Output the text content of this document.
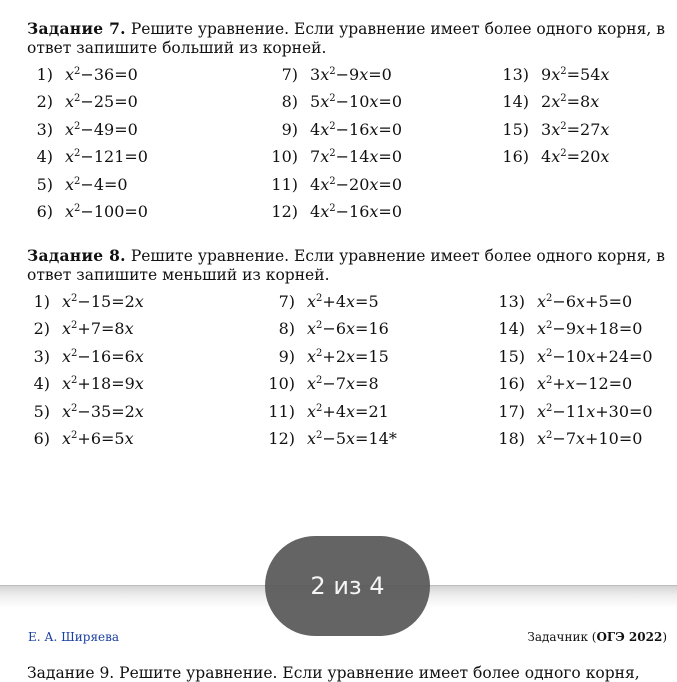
Задание 7. Решите уравнение. Если уравнение имеет более одного корня, в ответ запишите больший из корней.

1) $x^2-36=0$	7) $3x^2-9x=0$	13) $9x^2=54x$
2) $x^2-25=0$	8) $5x^2-10x=0$	14) $2x^2=8x$
3) $x^2-49=0$	9) $4x^2-16x=0$	15) $3x^2=27x$
4) $x^2-121=0$	10) $7x^2-14x=0$	16) $4x^2=20x$
5) $x^2-4=0$	11) $4x^2-20x=0$
6) $x^2-100=0$	12) $4x^2-16x=0$

Задание 8. Решите уравнение. Если уравнение имеет более одного корня, в ответ запишите меньший из корней.

1) $x^2-15=2x$	7) $x^2+4x=5$	13) $x^2-6x+5=0$
2) $x^2+7=8x$	8) $x^2-6x=16$	14) $x^2-9x+18=0$
3) $x^2-16=6x$	9) $x^2+2x=15$	15) $x^2-10x+24=0$
4) $x^2+18=9x$	10) $x^2-7x=8$	16) $x^2+x-12=0$
5) $x^2-35=2x$	11) $x^2+4x=21$	17) $x^2-11x+30=0$
6) $x^2+6=5x$	12) $x^2-5x=14*$	18) $x^2-7x+10=0$
Е. А. Ширяева	Задачник (ОГЭ 2022)
Задание 9. Решите уравнение. Если уравнение имеет более одного корня,
2 из 4
